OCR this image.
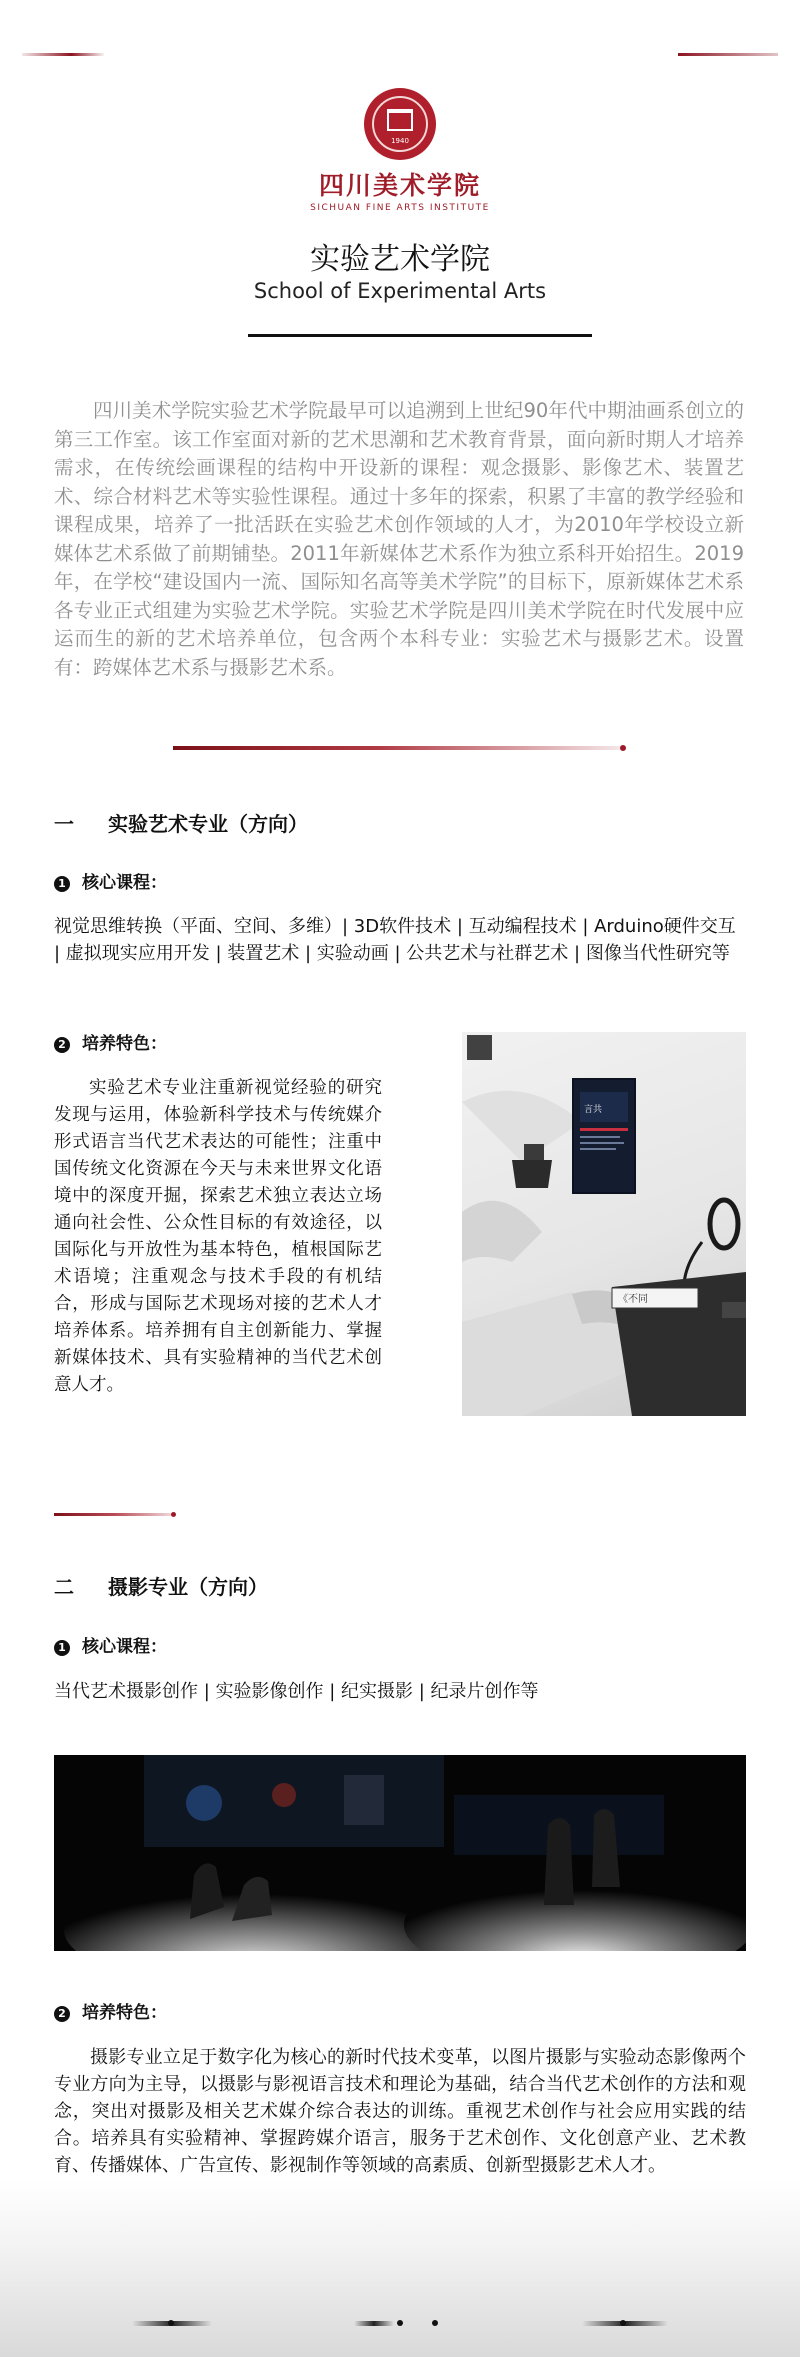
1940
四川美术学院
SICHUAN FINE ARTS INSTITUTE
实验艺术学院
School of Experimental Arts
四川美术学院实验艺术学院最早可以追溯到上世纪90年代中期油画系创立的第三工作室。该工作室面对新的艺术思潮和艺术教育背景，面向新时期人才培养需求，在传统绘画课程的结构中开设新的课程：观念摄影、影像艺术、装置艺术、综合材料艺术等实验性课程。通过十多年的探索，积累了丰富的教学经验和课程成果，培养了一批活跃在实验艺术创作领域的人才，为2010年学校设立新媒体艺术系做了前期铺垫。2011年新媒体艺术系作为独立系科开始招生。2019年，在学校“建设国内一流、国际知名高等美术学院”的目标下，原新媒体艺术系各专业正式组建为实验艺术学院。实验艺术学院是四川美术学院在时代发展中应运而生的新的艺术培养单位，包含两个本科专业：实验艺术与摄影艺术。设置有：跨媒体艺术系与摄影艺术系。
一 实验艺术专业（方向）
1 核心课程：
视觉思维转换（平面、空间、多维）| 3D软件技术 | 互动编程技术 | Arduino硬件交互 | 虚拟现实应用开发 | 装置艺术 | 实验动画 | 公共艺术与社群艺术 | 图像当代性研究等
2 培养特色：
实验艺术专业注重新视觉经验的研究发现与运用，体验新科学技术与传统媒介形式语言当代艺术表达的可能性；注重中国传统文化资源在今天与未来世界文化语境中的深度开掘，探索艺术独立表达立场通向社会性、公众性目标的有效途径，以国际化与开放性为基本特色，植根国际艺术语境；注重观念与技术手段的有机结合，形成与国际艺术现场对接的艺术人才培养体系。培养拥有自主创新能力、掌握新媒体技术、具有实验精神的当代艺术创意人才。
言共
《不同
二 摄影专业（方向）
1 核心课程：
当代艺术摄影创作 | 实验影像创作 | 纪实摄影 | 纪录片创作等
2 培养特色：
摄影专业立足于数字化为核心的新时代技术变革，以图片摄影与实验动态影像两个专业方向为主导，以摄影与影视语言技术和理论为基础，结合当代艺术创作的方法和观念，突出对摄影及相关艺术媒介综合表达的训练。重视艺术创作与社会应用实践的结合。培养具有实验精神、掌握跨媒介语言，服务于艺术创作、文化创意产业、艺术教育、传播媒体、广告宣传、影视制作等领域的高素质、创新型摄影艺术人才。
